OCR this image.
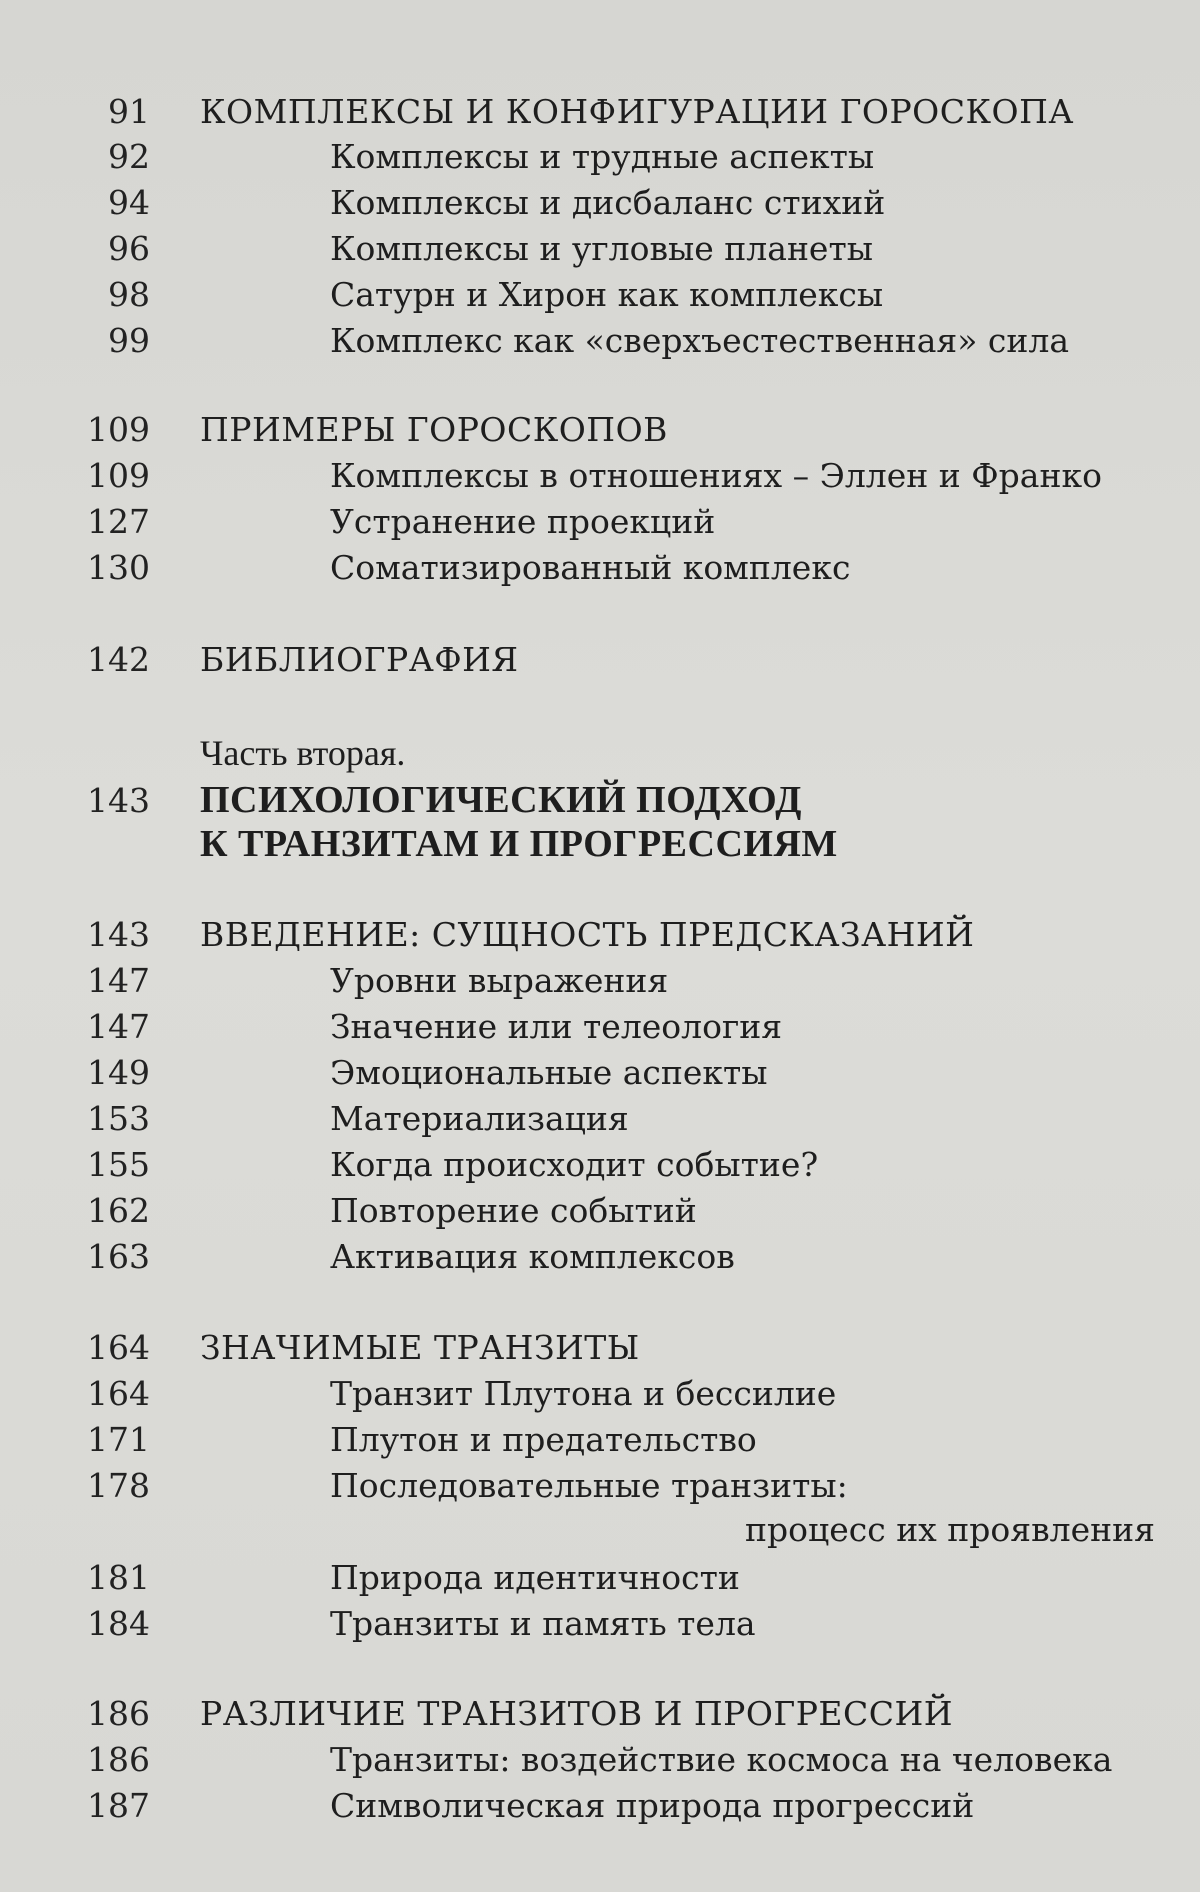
91 КОМПЛЕКСЫ И КОНФИГУРАЦИИ ГОРОСКОПА
92	Комплексы и трудные аспекты
94	Комплексы и дисбаланс стихий
96	Комплексы и угловые планеты
98	Сатурн и Хирон как комплексы
99	Комплекс как «сверхъестественная» сила
109 ПРИМЕРЫ ГОРОСКОПОВ
109	Комплексы в отношениях – Эллен и Франко
127	Устранение проекций
130	Соматизированный комплекс
142 БИБЛИОГРАФИЯ
Часть вторая.
143 ПСИХОЛОГИЧЕСКИЙ ПОДХОД
К ТРАНЗИТАМ И ПРОГРЕССИЯМ
143 ВВЕДЕНИЕ: СУЩНОСТЬ ПРЕДСКАЗАНИЙ
147	Уровни выражения
147	Значение или телеология
149	Эмоциональные аспекты
153	Материализация
155	Когда происходит событие?
162	Повторение событий
163	Активация комплексов
164 ЗНАЧИМЫЕ ТРАНЗИТЫ
164	Транзит Плутона и бессилие
171	Плутон и предательство
178	Последовательные транзиты:
процесс их проявления
181	Природа идентичности
184	Транзиты и память тела
186 РАЗЛИЧИЕ ТРАНЗИТОВ И ПРОГРЕССИЙ
186	Транзиты: воздействие космоса на человека
187	Символическая природа прогрессий
